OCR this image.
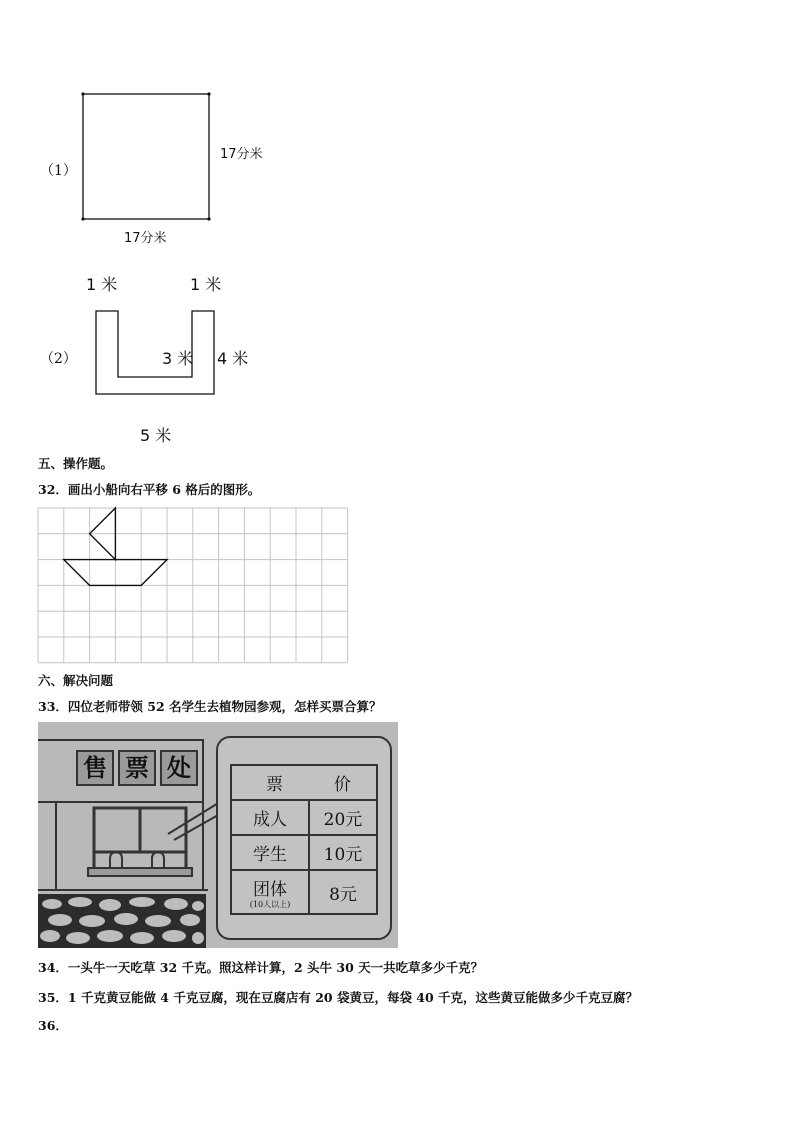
（1）
17分米
17分米
（2）
1 米	1 米
3 米 4 米
5 米
五、操作题。
32．画出小船向右平移 6 格后的图形。
六、解决问题
33．四位老师带领 52 名学生去植物园参观，怎样买票合算？
售 票 处
票 价	
成人	20元
学生	10元
团体
(10人以上)	8元
34．一头牛一天吃草 32 千克。照这样计算，2 头牛 30 天一共吃草多少千克？
35．1 千克黄豆能做 4 千克豆腐，现在豆腐店有 20 袋黄豆，每袋 40 千克，这些黄豆能做多少千克豆腐？
36．
